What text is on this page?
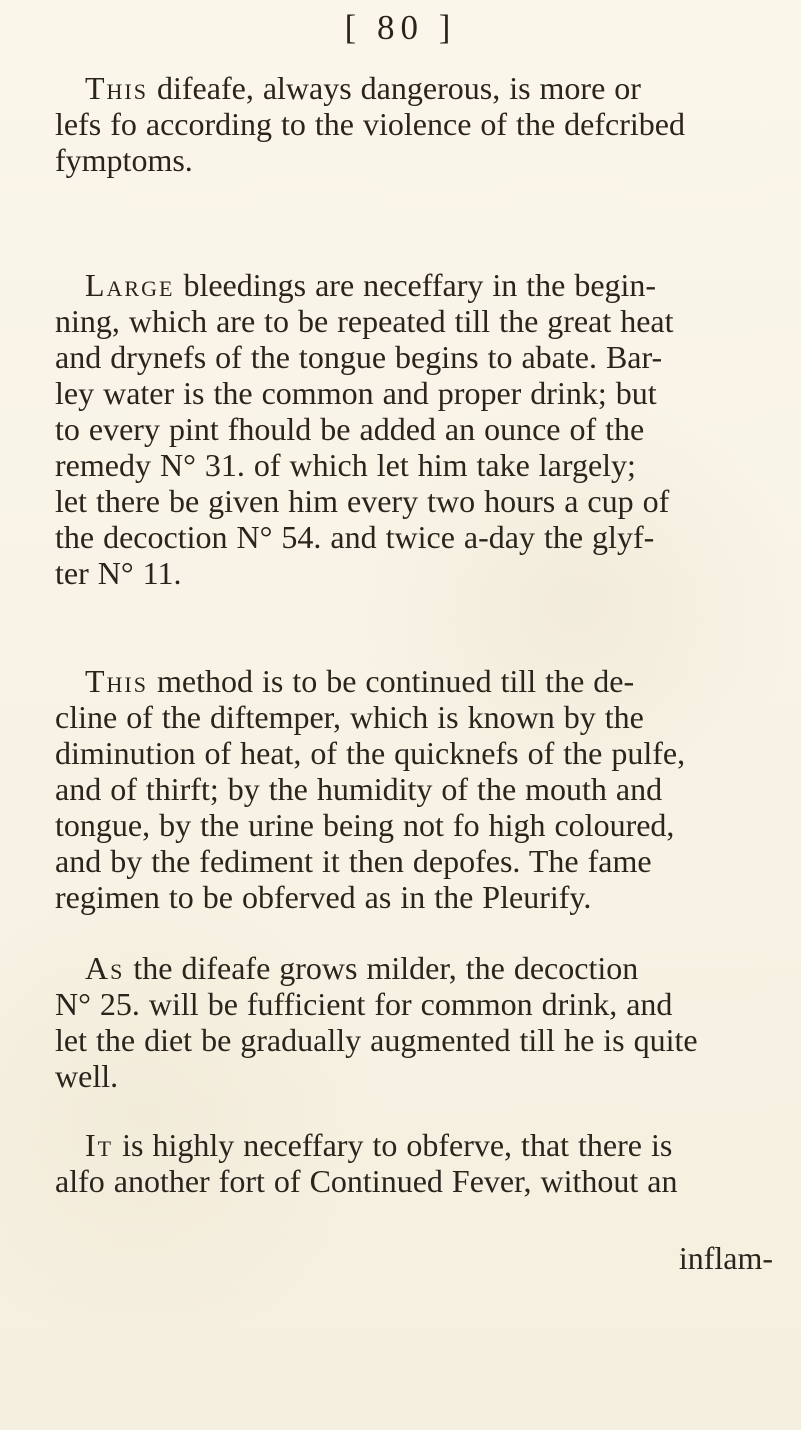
[ 80 ]
This difeafe, always dangerous, is more or
lefs fo according to the violence of the defcribed
fymptoms.
Large bleedings are neceffary in the begin-
ning, which are to be repeated till the great heat
and drynefs of the tongue begins to abate. Bar-
ley water is the common and proper drink; but
to every pint fhould be added an ounce of the
remedy N° 31. of which let him take largely;
let there be given him every two hours a cup of
the decoction N° 54. and twice a-day the glyf-
ter N° 11.
This method is to be continued till the de-
cline of the diftemper, which is known by the
diminution of heat, of the quicknefs of the pulfe,
and of thirft; by the humidity of the mouth and
tongue, by the urine being not fo high coloured,
and by the fediment it then depofes. The fame
regimen to be obferved as in the Pleurify.
As the difeafe grows milder, the decoction
N° 25. will be fufficient for common drink, and
let the diet be gradually augmented till he is quite
well.
It is highly neceffary to obferve, that there is
alfo another fort of Continued Fever, without an
inflam-
